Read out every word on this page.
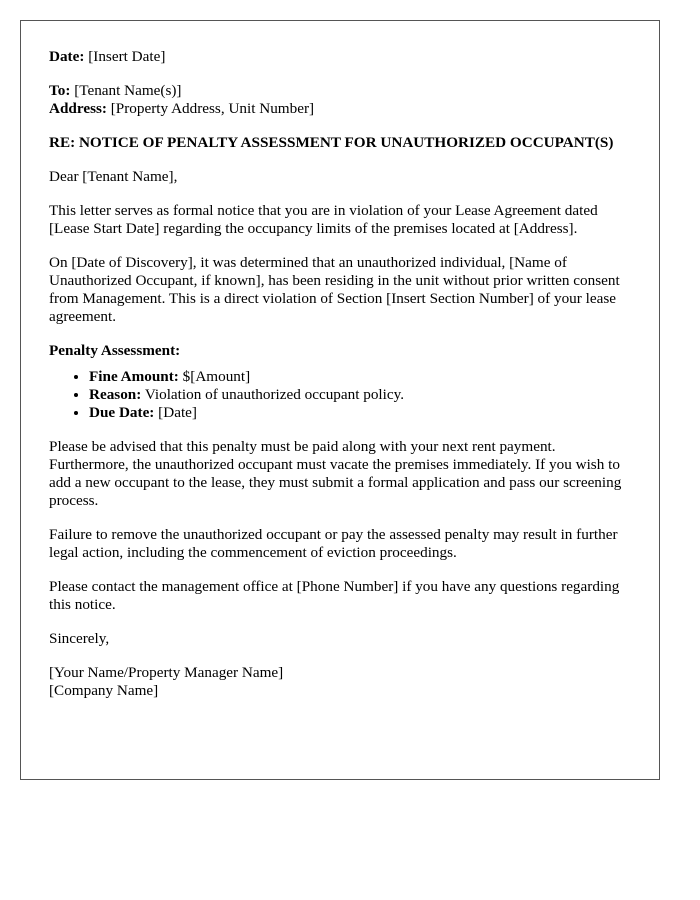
Date: [Insert Date]

To: [Tenant Name(s)]
Address: [Property Address, Unit Number]

RE: NOTICE OF PENALTY ASSESSMENT FOR UNAUTHORIZED OCCUPANT(S)

Dear [Tenant Name],

This letter serves as formal notice that you are in violation of your Lease Agreement dated [Lease Start Date] regarding the occupancy limits of the premises located at [Address].

On [Date of Discovery], it was determined that an unauthorized individual, [Name of Unauthorized Occupant, if known], has been residing in the unit without prior written consent from Management. This is a direct violation of Section [Insert Section Number] of your lease agreement.

Penalty Assessment:

• Fine Amount: $[Amount]
• Reason: Violation of unauthorized occupant policy.
• Due Date: [Date]

Please be advised that this penalty must be paid along with your next rent payment. Furthermore, the unauthorized occupant must vacate the premises immediately. If you wish to add a new occupant to the lease, they must submit a formal application and pass our screening process.

Failure to remove the unauthorized occupant or pay the assessed penalty may result in further legal action, including the commencement of eviction proceedings.

Please contact the management office at [Phone Number] if you have any questions regarding this notice.

Sincerely,

[Your Name/Property Manager Name]
[Company Name]
